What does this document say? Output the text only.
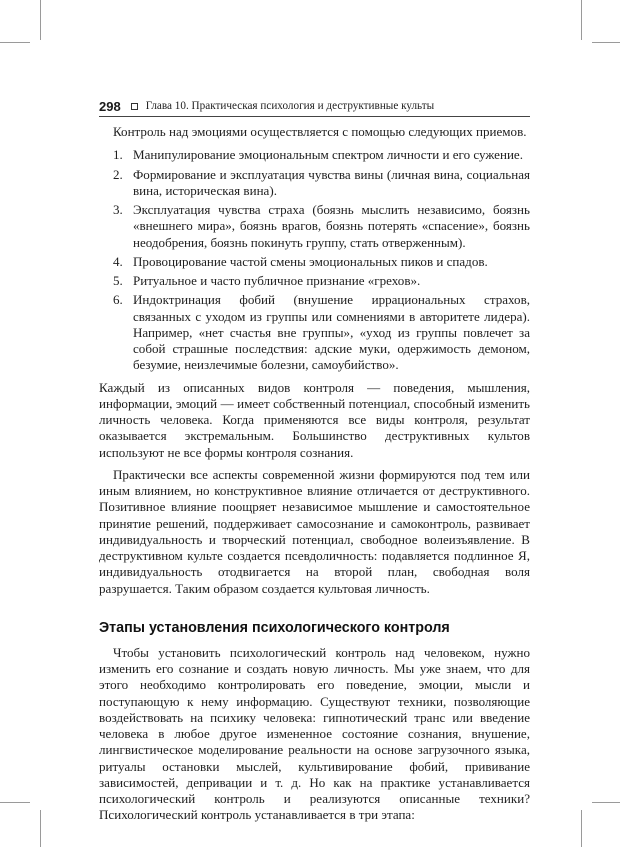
298 Глава 10. Практическая психология и деструктивные культы

Контроль над эмоциями осуществляется с помощью следующих приемов.

1. Манипулирование эмоциональным спектром личности и его сужение.
2. Формирование и эксплуатация чувства вины (личная вина, социальная вина, историческая вина).
3. Эксплуатация чувства страха (боязнь мыслить независимо, боязнь «внешнего мира», боязнь врагов, боязнь потерять «спасение», боязнь неодобрения, боязнь покинуть группу, стать отверженным).
4. Провоцирование частой смены эмоциональных пиков и спадов.
5. Ритуальное и часто публичное признание «грехов».
6. Индоктринация фобий (внушение иррациональных страхов, связанных с уходом из группы или сомнениями в авторитете лидера). Например, «нет счастья вне группы», «уход из группы повлечет за собой страшные последствия: адские муки, одержимость демоном, безумие, неизлечимые болезни, самоубийство».

Каждый из описанных видов контроля — поведения, мышления, информации, эмоций — имеет собственный потенциал, способный изменить личность человека. Когда применяются все виды контроля, результат оказывается экстремальным. Большинство деструктивных культов используют не все формы контроля сознания.

Практически все аспекты современной жизни формируются под тем или иным влиянием, но конструктивное влияние отличается от деструктивного. Позитивное влияние поощряет независимое мышление и самостоятельное принятие решений, поддерживает самосознание и самоконтроль, развивает индивидуальность и творческий потенциал, свободное волеизъявление. В деструктивном культе создается псевдоличность: подавляется подлинное Я, индивидуальность отодвигается на второй план, свободная воля разрушается. Таким образом создается культовая личность.

Этапы установления психологического контроля

Чтобы установить психологический контроль над человеком, нужно изменить его сознание и создать новую личность. Мы уже знаем, что для этого необходимо контролировать его поведение, эмоции, мысли и поступающую к нему информацию. Существуют техники, позволяющие воздействовать на психику человека: гипнотический транс или введение человека в любое другое измененное состояние сознания, внушение, лингвистическое моделирование реальности на основе загрузочного языка, ритуалы остановки мыслей, культивирование фобий, прививание зависимостей, депривации и т. д. Но как на практике устанавливается психологический контроль и реализуются описанные техники? Психологический контроль устанавливается в три этапа:
